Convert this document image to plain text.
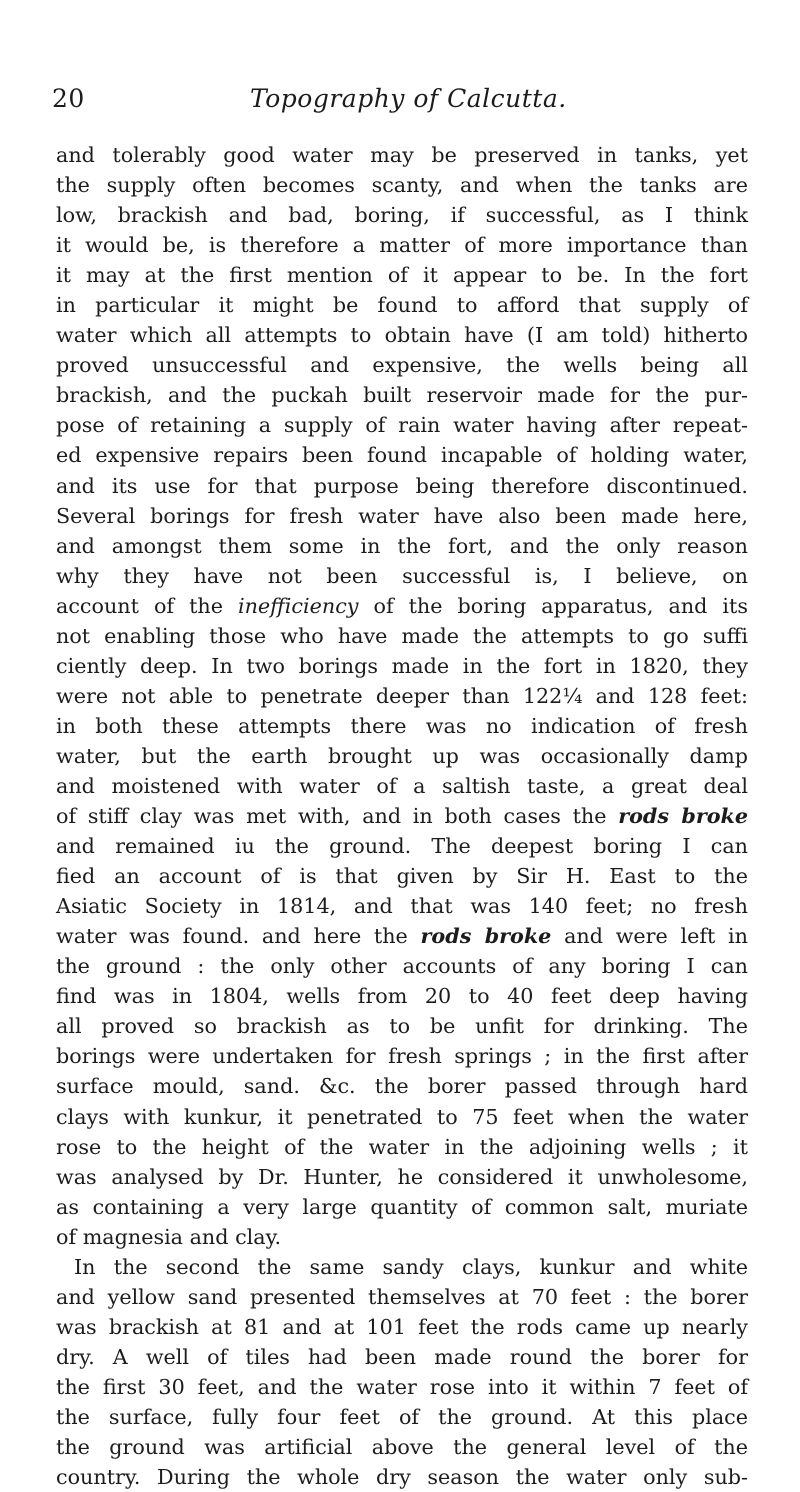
20	Topography of Calcutta.
and tolerably good water may be preserved in tanks, yet
the supply often becomes scanty, and when the tanks are
low, brackish and bad, boring, if successful, as I think
it would be, is therefore a matter of more importance than
it may at the first mention of it appear to be. In the fort
in particular it might be found to afford that supply of
water which all attempts to obtain have (I am told) hitherto
proved unsuccessful and expensive, the wells being all
brackish, and the puckah built reservoir made for the pur-
pose of retaining a supply of rain water having after repeat-
ed expensive repairs been found incapable of holding water,
and its use for that purpose being therefore discontinued.
Several borings for fresh water have also been made here,
and amongst them some in the fort, and the only reason
why they have not been successful is, I believe, on
account of the inefficiency of the boring apparatus, and its
not enabling those who have made the attempts to go suffi
ciently deep. In two borings made in the fort in 1820, they
were not able to penetrate deeper than 122¼ and 128 feet:
in both these attempts there was no indication of fresh
water, but the earth brought up was occasionally damp
and moistened with water of a saltish taste, a great deal
of stiff clay was met with, and in both cases the rods broke
and remained iu the ground. The deepest boring I can
fied an account of is that given by Sir H. East to the
Asiatic Society in 1814, and that was 140 feet; no fresh
water was found. and here the rods broke and were left in
the ground : the only other accounts of any boring I can
find was in 1804, wells from 20 to 40 feet deep having
all proved so brackish as to be unfit for drinking. The
borings were undertaken for fresh springs ; in the first after
surface mould, sand. &c. the borer passed through hard
clays with kunkur, it penetrated to 75 feet when the water
rose to the height of the water in the adjoining wells ; it
was analysed by Dr. Hunter, he considered it unwholesome,
as containing a very large quantity of common salt, muriate
of magnesia and clay.
In the second the same sandy clays, kunkur and white
and yellow sand presented themselves at 70 feet : the borer
was brackish at 81 and at 101 feet the rods came up nearly
dry. A well of tiles had been made round the borer for
the first 30 feet, and the water rose into it within 7 feet of
the surface, fully four feet of the ground. At this place
the ground was artificial above the general level of the
country. During the whole dry season the water only sub-
